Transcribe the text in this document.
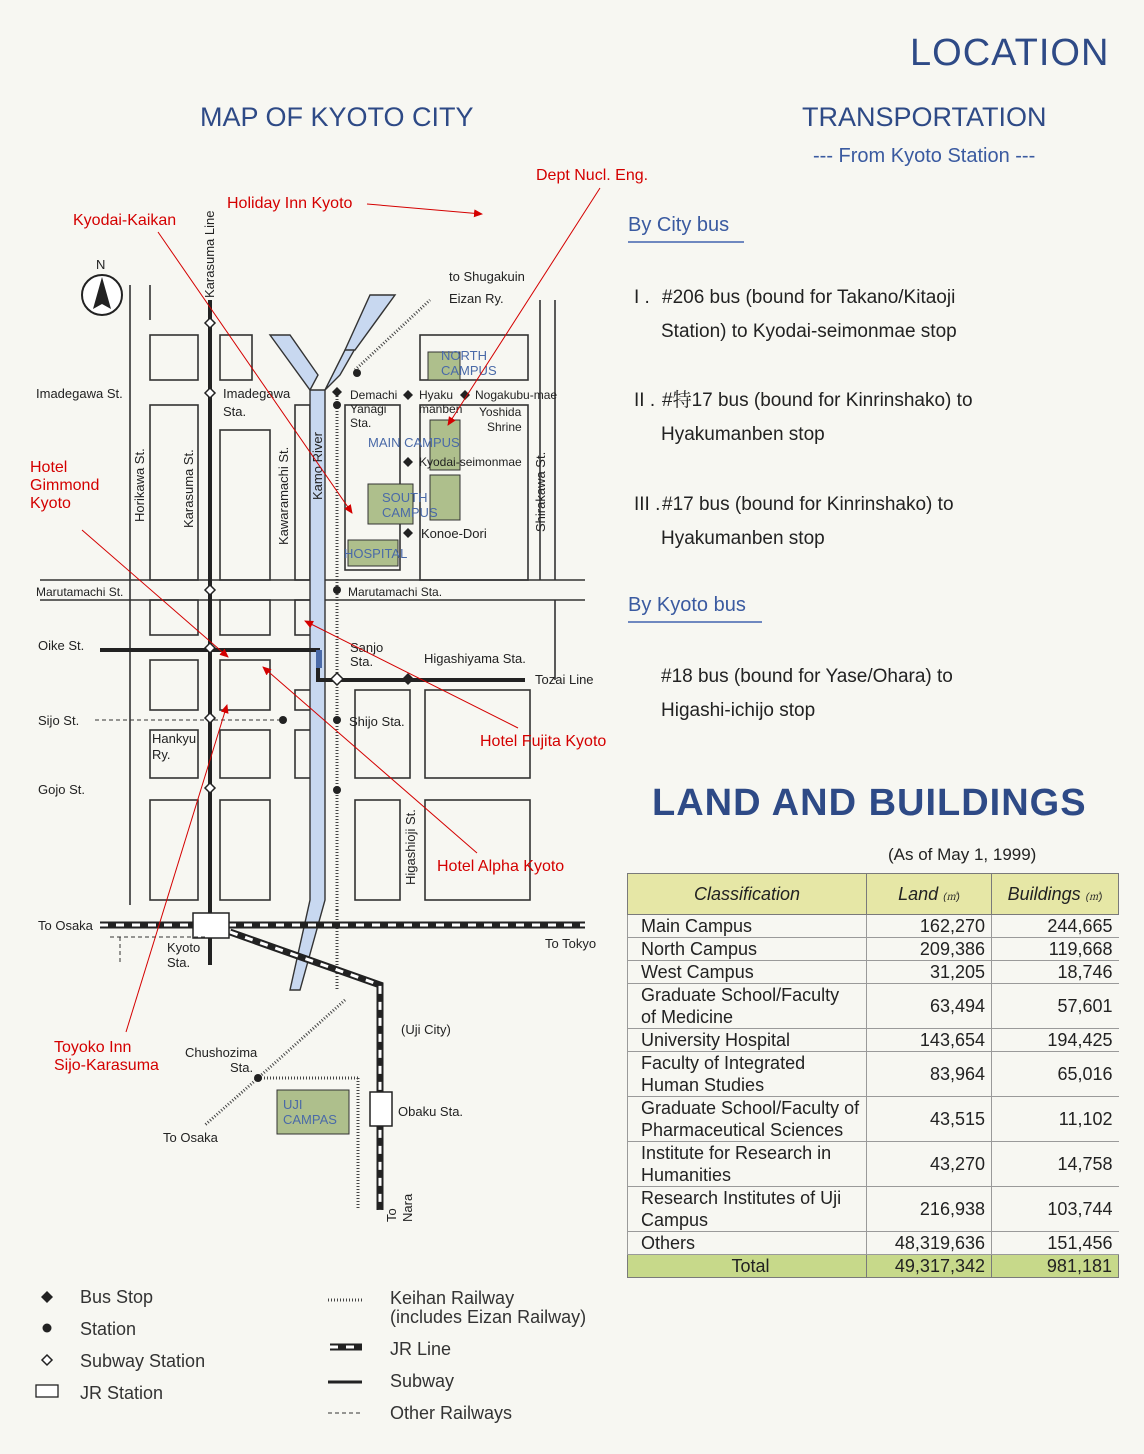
LOCATION
MAP OF KYOTO CITY	TRANSPORTATION
--- From Kyoto Station ---
By City bus
I . #206 bus (bound for Takano/Kitaoji
Station) to Kyodai-seimonmae stop
II . #特17 bus (bound for Kinrinshako) to
Hyakumanben stop
III .#17 bus (bound for Kinrinshako) to
Hyakumanben stop
By Kyoto bus
#18 bus (bound for Yase/Ohara) to
Higashi-ichijo stop
LAND AND BUILDINGS
(As of May 1, 1999)
Classification	Land (㎡)	Buildings (㎡)

Main Campus	162,270	244,665

North Campus	209,386	119,668

West Campus	31,205	18,746

Graduate School/Faculty
of Medicine	63,494	57,601

University Hospital	143,654	194,425

Faculty of Integrated
Human Studies	83,964	65,016

Graduate School/Faculty of
Pharmaceutical Sciences	43,515	11,102

Institute for Research in
Humanities	43,270	14,758

Research Institutes of Uji
Campus	216,938	103,744

Others	48,319,636	151,456
Total	49,317,342	981,181
N	Karasuma Line
Imadegawa St.	Imadegawa
Sta.
Horikawa St.	Karasuma St.	Kawaramachi St. Kamo River	Shirakawa St.
Marutamachi St.	Marutamachi Sta.
Oike St.
Sijo St.
Gojo St.
Higashioji St.
Hankyu
Ry.
Sanjo
Sta.	Higashiyama Sta.
Tozai Line
Shijo Sta.
Demachi
Yanagi
Sta.
Hyaku
manben
Nogakubu-mae
Yoshida
Shrine
Kyodai-seimonmae
Konoe-Dori
to Shugakuin
Eizan Ry.
To Osaka
Kyoto
Sta.
To Tokyo
(Uji City)
Chushozima
Sta.
Obaku Sta.
To Osaka
To Nara
NORTH
CAMPUS
MAIN CAMPUS
SOUTH
CAMPUS
HOSPITAL
UJI
CAMPAS
Dept Nucl. Eng.
Holiday Inn Kyoto
Kyodai-Kaikan
Hotel
Gimmond
Kyoto
Hotel Fujita Kyoto
Hotel Alpha Kyoto
Toyoko Inn
Sijo-Karasuma
Bus Stop
Station
Subway Station
JR Station
Keihan Railway
(includes Eizan Railway)
JR Line
Subway
Other Railways
